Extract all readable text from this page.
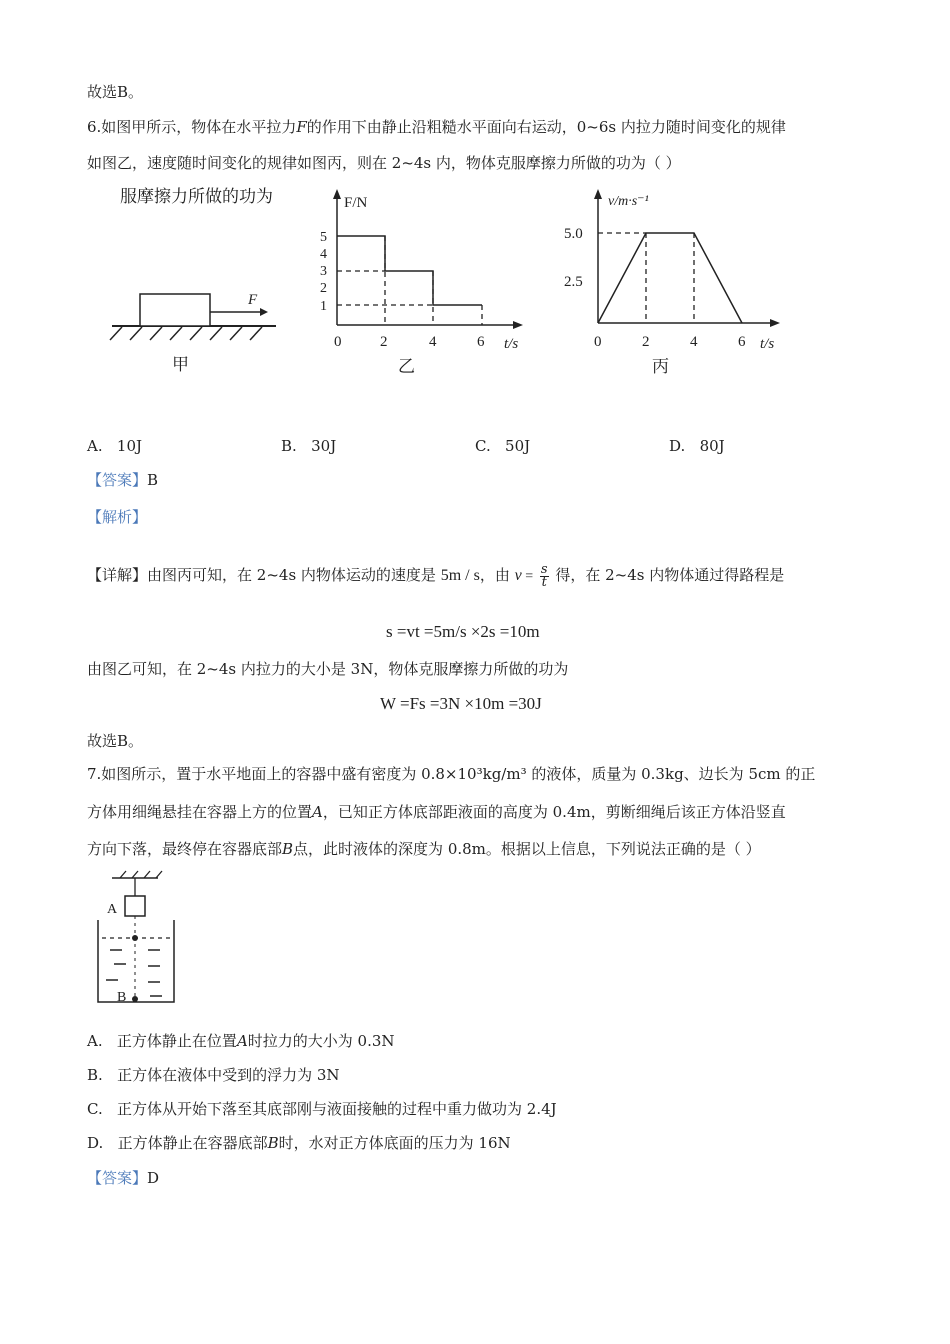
故选B。
6.如图甲所示，物体在水平拉力F的作用下由静止沿粗糙水平面向右运动，0~6s 内拉力随时间变化的规律
如图乙，速度随时间变化的规律如图丙，则在 2~4s 内，物体克服摩擦力所做的功为（ ）
服摩擦力所做的功为
F
甲
F/N
t/s
5
4
3
2
1
0	2	4	6
乙
v/m·s⁻¹
t/s
5.0
2.5
0	2	4	6
丙
A. 10J	B. 30J	C. 50J	D. 80J
【答案】B
【解析】
【详解】由图丙可知，在 2~4s 内物体运动的速度是 5m / s，由 $v = \frac{s}{t}$ 得，在 2~4s 内物体通过得路程是
s =vt =5m/s ×2s =10m
由图乙可知，在 2~4s 内拉力的大小是 3N，物体克服摩擦力所做的功为
W =Fs =3N ×10m =30J
故选B。
7.如图所示，置于水平地面上的容器中盛有密度为 0.8×10³kg/m³ 的液体，质量为 0.3kg、边长为 5cm 的正
方体用细绳悬挂在容器上方的位置A，已知正方体底部距液面的高度为 0.4m，剪断细绳后该正方体沿竖直
方向下落，最终停在容器底部B点，此时液体的深度为 0.8m。根据以上信息，下列说法正确的是（ ）
A
B
A. 正方体静止在位置A时拉力的大小为 0.3N
B. 正方体在液体中受到的浮力为 3N
C. 正方体从开始下落至其底部刚与液面接触的过程中重力做功为 2.4J
D. 正方体静止在容器底部B时，水对正方体底面的压力为 16N
【答案】D
